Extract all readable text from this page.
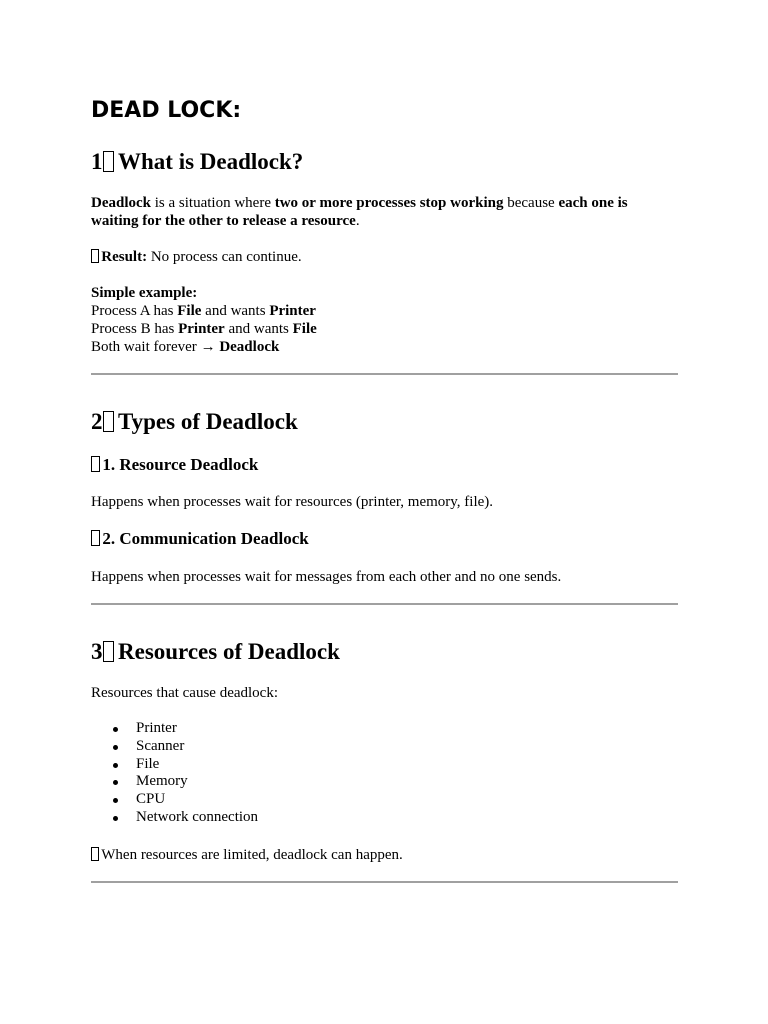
DEAD LOCK:
1 What is Deadlock?

Deadlock is a situation where two or more processes stop working because each one is
waiting for the other to release a resource.

Result: No process can continue.

Simple example:
Process A has File and wants Printer
Process B has Printer and wants File
Both wait forever → Deadlock

2 Types of Deadlock
1. Resource Deadlock

Happens when processes wait for resources (printer, memory, file).

2. Communication Deadlock

Happens when processes wait for messages from each other and no one sends.

3 Resources of Deadlock

Resources that cause deadlock:

Printer
Scanner
File
Memory
CPU
Network connection

When resources are limited, deadlock can happen.
